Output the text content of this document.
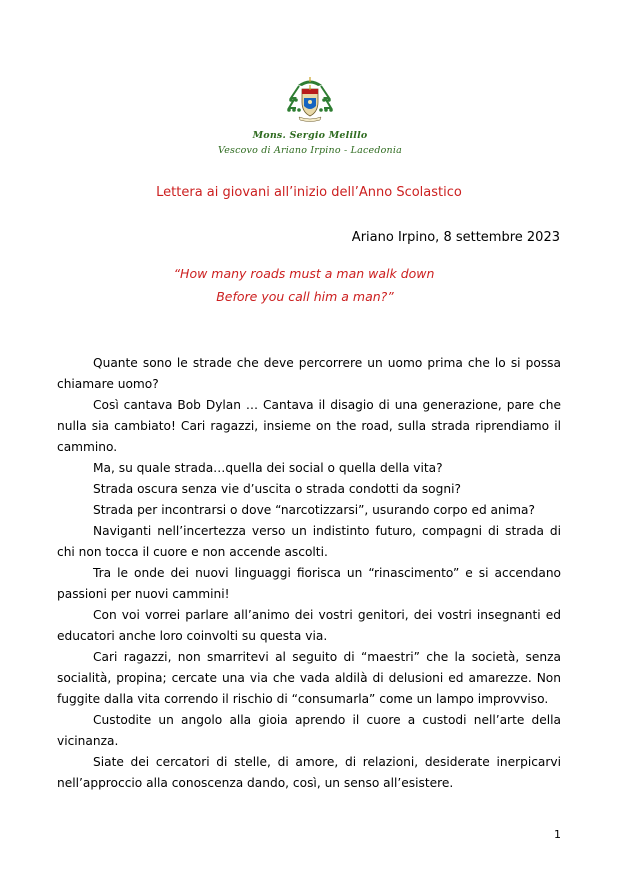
Mons. Sergio Melillo
Vescovo di Ariano Irpino - Lacedonia
Lettera ai giovani all’inizio dell’Anno Scolastico
Ariano Irpino, 8 settembre 2023
“How many roads must a man walk down
Before you call him a man?”

Quante sono le strade che deve percorrere un uomo prima che lo si possa chiamare uomo?

Così cantava Bob Dylan … Cantava il disagio di una generazione, pare che nulla sia cambiato! Cari ragazzi, insieme on the road, sulla strada riprendiamo il cammino.

Ma, su quale strada…quella dei social o quella della vita?

Strada oscura senza vie d’uscita o strada condotti da sogni?

Strada per incontrarsi o dove “narcotizzarsi”, usurando corpo ed anima?

Naviganti nell’incertezza verso un indistinto futuro, compagni di strada di chi non tocca il cuore e non accende ascolti.

Tra le onde dei nuovi linguaggi fiorisca un “rinascimento” e si accendano passioni per nuovi cammini!

Con voi vorrei parlare all’animo dei vostri genitori, dei vostri insegnanti ed educatori anche loro coinvolti su questa via.

Cari ragazzi, non smarritevi al seguito di “maestri” che la società, senza socialità, propina; cercate una via che vada aldilà di delusioni ed amarezze. Non fuggite dalla vita correndo il rischio di “consumarla” come un lampo improvviso.

Custodite un angolo alla gioia aprendo il cuore a custodi nell’arte della vicinanza.

Siate dei cercatori di stelle, di amore, di relazioni, desiderate inerpicarvi nell’approccio alla conoscenza dando, così, un senso all’esistere.

1
